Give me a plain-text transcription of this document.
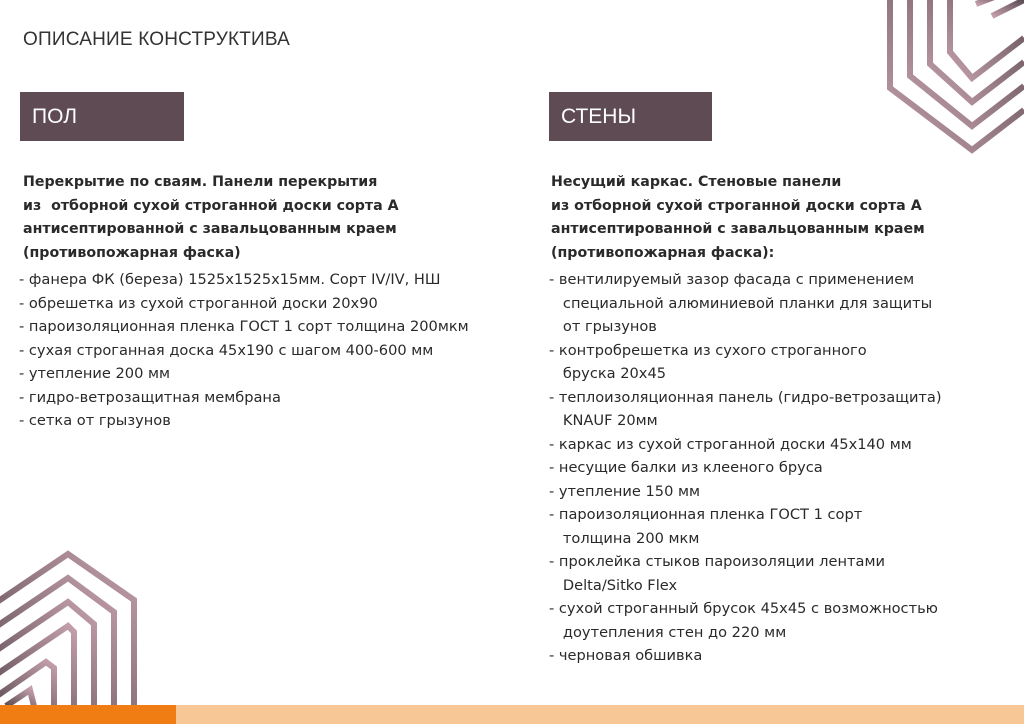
ОПИСАНИЕ КОНСТРУКТИВА
ПОЛ	СТЕНЫ
Перекрытие по сваям. Панели перекрытия
из  отборной сухой строганной доски сорта А
антисептированной с завальцованным краем
(противопожарная фаска)
- фанера ФК (береза) 1525х1525х15мм. Сорт IV/IV, НШ
- обрешетка из сухой строганной доски 20х90
- пароизоляционная пленка ГОСТ 1 сорт толщина 200мкм
- сухая строганная доска 45х190 с шагом 400-600 мм
- утепление 200 мм
- гидро-ветрозащитная мембрана
- сетка от грызунов
Несущий каркас. Стеновые панели
из отборной сухой строганной доски сорта А
антисептированной с завальцованным краем
(противопожарная фаска):
- вентилируемый зазор фасада с применением
специальной алюминиевой планки для защиты
от грызунов
- контробрешетка из сухого строганного
бруска 20х45
- теплоизоляционная панель (гидро-ветрозащита)
KNAUF 20мм
- каркас из сухой строганной доски 45х140 мм
- несущие балки из клееного бруса
- утепление 150 мм
- пароизоляционная пленка ГОСТ 1 сорт
толщина 200 мкм
- проклейка стыков пароизоляции лентами
Delta/Sitko Flex
- сухой строганный брусок 45х45 с возможностью
доутепления стен до 220 мм
- черновая обшивка
